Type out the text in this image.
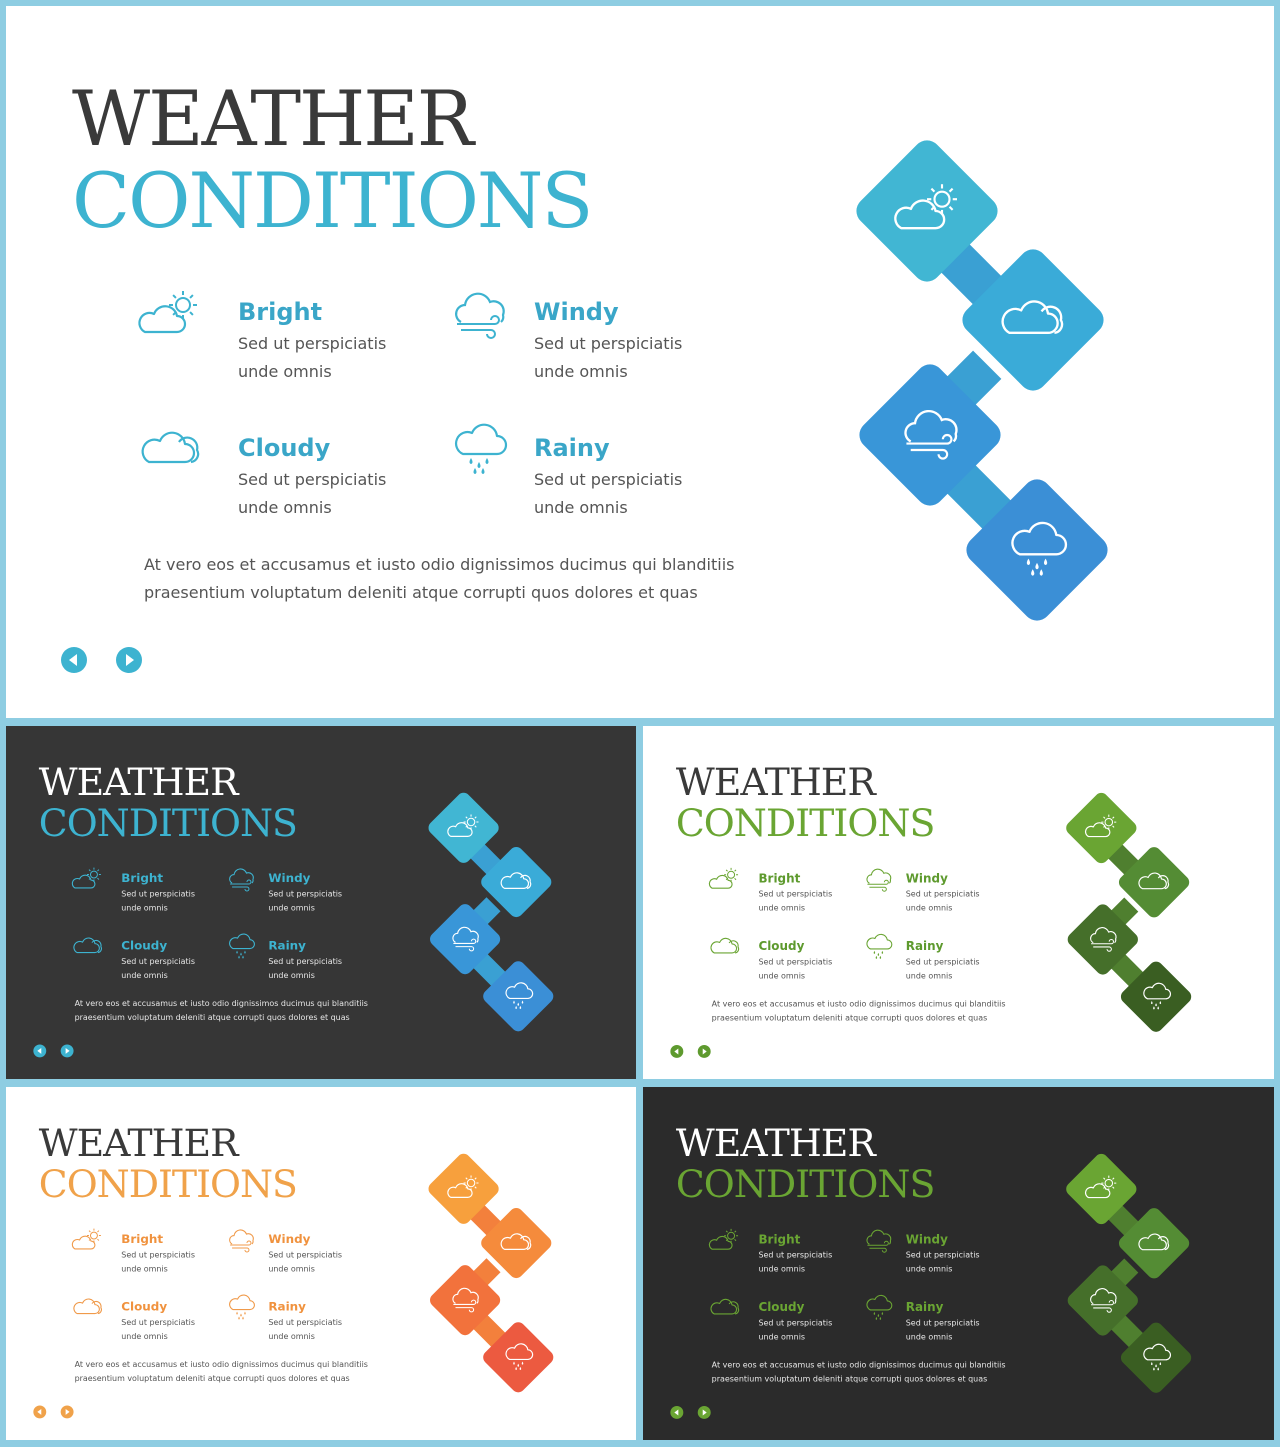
WEATHER
CONDITIONS
Bright
Sed ut perspiciatis
unde omnis
Windy
Sed ut perspiciatis
unde omnis
Cloudy
Sed ut perspiciatis
unde omnis
Rainy
Sed ut perspiciatis
unde omnis
At vero eos et accusamus et iusto odio dignissimos ducimus qui blanditiis
praesentium voluptatum deleniti atque corrupti quos dolores et quas
WEATHER
CONDITIONS
Bright
Sed ut perspiciatis
unde omnis
Windy
Sed ut perspiciatis
unde omnis
Cloudy
Sed ut perspiciatis
unde omnis
Rainy
Sed ut perspiciatis
unde omnis
At vero eos et accusamus et iusto odio dignissimos ducimus qui blanditiis
praesentium voluptatum deleniti atque corrupti quos dolores et quas
WEATHER
CONDITIONS
Bright
Sed ut perspiciatis
unde omnis
Windy
Sed ut perspiciatis
unde omnis
Cloudy
Sed ut perspiciatis
unde omnis
Rainy
Sed ut perspiciatis
unde omnis
At vero eos et accusamus et iusto odio dignissimos ducimus qui blanditiis
praesentium voluptatum deleniti atque corrupti quos dolores et quas
WEATHER
CONDITIONS
Bright
Sed ut perspiciatis
unde omnis
Windy
Sed ut perspiciatis
unde omnis
Cloudy
Sed ut perspiciatis
unde omnis
Rainy
Sed ut perspiciatis
unde omnis
At vero eos et accusamus et iusto odio dignissimos ducimus qui blanditiis
praesentium voluptatum deleniti atque corrupti quos dolores et quas
WEATHER
CONDITIONS
Bright
Sed ut perspiciatis
unde omnis
Windy
Sed ut perspiciatis
unde omnis
Cloudy
Sed ut perspiciatis
unde omnis
Rainy
Sed ut perspiciatis
unde omnis
At vero eos et accusamus et iusto odio dignissimos ducimus qui blanditiis
praesentium voluptatum deleniti atque corrupti quos dolores et quas
